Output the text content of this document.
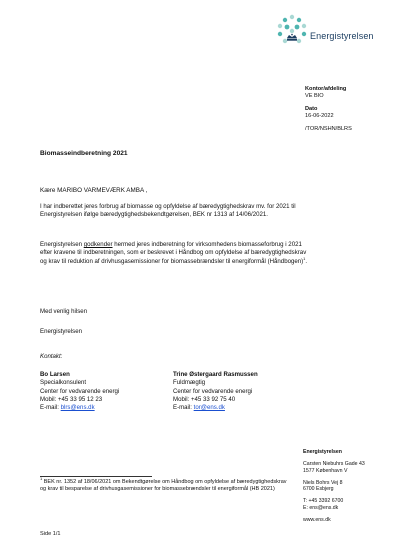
Energistyrelsen
Kontor/afdeling
VE BIO
Dato
16-06-2022
/TOR/NSHN/BLRS
Biomasseindberetning 2021
Kære MARIBO VARMEVÆRK AMBA ,
I har indberettet jeres forbrug af biomasse og opfyldelse af bæredygtighedskrav mv. for 2021 til Energistyrelsen ifølge bæredygtighedsbekendtgørelsen, BEK nr 1313 af 14/06/2021.
Energistyrelsen godkender hermed jeres indberetning for virksomhedens biomasseforbrug i 2021 efter kravene til indberetningen, som er beskrevet i Håndbog om opfyldelse af bæredygtighedskrav og krav til reduktion af drivhusgasemissioner for biomassebrændsler til energiformål (Håndbogen)$^1$.
Med venlig hilsen
Energistyrelsen
Kontakt:
Bo Larsen
Specialkonsulent
Center for vedvarende energi
Mobil: +45 33 95 12 23
E-mail: blrs@ens.dk
Trine Østergaard Rasmussen
Fuldmægtig
Center for vedvarende energi
Mobil: +45 33 92 75 40
E-mail: tor@ens.dk
Energistyrelsen
Carsten Niebuhrs Gade 43
1577 København V
Niels Bohrs Vej 8
6700 Esbjerg
T: +45 3392 6700
E: ens@ens.dk
www.ens.dk
$^1$ BEK nr. 1352 af 18/06/2021 om Bekendtgørelse om Håndbog om opfyldelse af bæredygtighedskrav og krav til besparelse af drivhusgasemissioner for biomassebrændsler til energiformål (HB 2021)
Side 1/1
